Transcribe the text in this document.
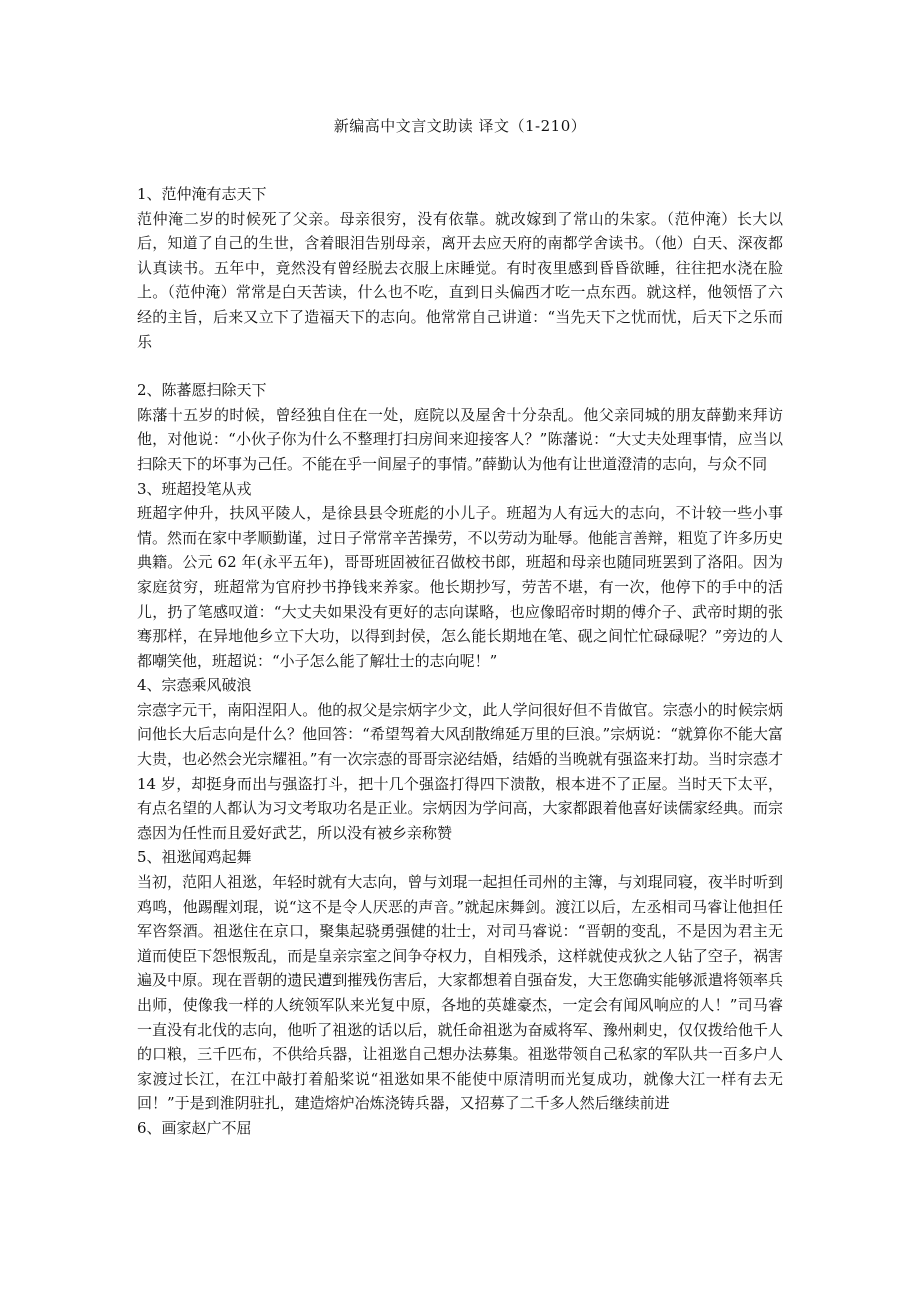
新编高中文言文助读 译文（1-210）

1、范仲淹有志天下

范仲淹二岁的时候死了父亲。母亲很穷，没有依靠。就改嫁到了常山的朱家。（范仲淹）长大以后，知道了自己的生世，含着眼泪告别母亲，离开去应天府的南都学舍读书。（他）白天、深夜都认真读书。五年中，竟然没有曾经脱去衣服上床睡觉。有时夜里感到昏昏欲睡，往往把水浇在脸上。（范仲淹）常常是白天苦读，什么也不吃，直到日头偏西才吃一点东西。就这样，他领悟了六经的主旨，后来又立下了造福天下的志向。他常常自己讲道：“当先天下之忧而忧，后天下之乐而乐

2、陈蕃愿扫除天下

陈藩十五岁的时候，曾经独自住在一处，庭院以及屋舍十分杂乱。他父亲同城的朋友薛勤来拜访他，对他说：“小伙子你为什么不整理打扫房间来迎接客人？”陈藩说：“大丈夫处理事情，应当以扫除天下的坏事为己任。不能在乎一间屋子的事情。”薛勤认为他有让世道澄清的志向，与众不同

3、班超投笔从戎

班超字仲升，扶风平陵人，是徐县县令班彪的小儿子。班超为人有远大的志向，不计较一些小事情。然而在家中孝顺勤谨，过日子常常辛苦操劳，不以劳动为耻辱。他能言善辩，粗览了许多历史典籍。公元 62 年(永平五年)，哥哥班固被征召做校书郎，班超和母亲也随同班罢到了洛阳。因为家庭贫穷，班超常为官府抄书挣钱来养家。他长期抄写，劳苦不堪，有一次，他停下的手中的活儿，扔了笔感叹道：“大丈夫如果没有更好的志向谋略，也应像昭帝时期的傅介子、武帝时期的张骞那样，在异地他乡立下大功，以得到封侯，怎么能长期地在笔、砚之间忙忙碌碌呢？”旁边的人都嘲笑他，班超说：“小子怎么能了解壮士的志向呢！”

4、宗悫乘风破浪

宗悫字元干，南阳涅阳人。他的叔父是宗炳字少文，此人学问很好但不肯做官。宗悫小的时候宗炳问他长大后志向是什么？他回答：“希望驾着大风刮散绵延万里的巨浪。”宗炳说：“就算你不能大富大贵，也必然会光宗耀祖。”有一次宗悫的哥哥宗泌结婚，结婚的当晚就有强盗来打劫。当时宗悫才 14 岁，却挺身而出与强盗打斗，把十几个强盗打得四下溃散，根本进不了正屋。当时天下太平，有点名望的人都认为习文考取功名是正业。宗炳因为学问高，大家都跟着他喜好读儒家经典。而宗悫因为任性而且爱好武艺，所以没有被乡亲称赞

5、祖逖闻鸡起舞

当初，范阳人祖逖，年轻时就有大志向，曾与刘琨一起担任司州的主簿，与刘琨同寝，夜半时听到鸡鸣，他踢醒刘琨，说“这不是令人厌恶的声音。”就起床舞剑。渡江以后，左丞相司马睿让他担任军咨祭酒。祖逖住在京口，聚集起骁勇强健的壮士，对司马睿说：“晋朝的变乱，不是因为君主无道而使臣下怨恨叛乱，而是皇亲宗室之间争夺权力，自相残杀，这样就使戎狄之人钻了空子，祸害遍及中原。现在晋朝的遗民遭到摧残伤害后，大家都想着自强奋发，大王您确实能够派遣将领率兵出师，使像我一样的人统领军队来光复中原，各地的英雄豪杰，一定会有闻风响应的人！”司马睿一直没有北伐的志向，他听了祖逖的话以后，就任命祖逖为奋威将军、豫州刺史，仅仅拨给他千人的口粮，三千匹布，不供给兵器，让祖逖自己想办法募集。祖逖带领自己私家的军队共一百多户人家渡过长江，在江中敲打着船桨说“祖逖如果不能使中原清明而光复成功，就像大江一样有去无回！”于是到淮阴驻扎，建造熔炉冶炼浇铸兵器，又招募了二千多人然后继续前进

6、画家赵广不屈
